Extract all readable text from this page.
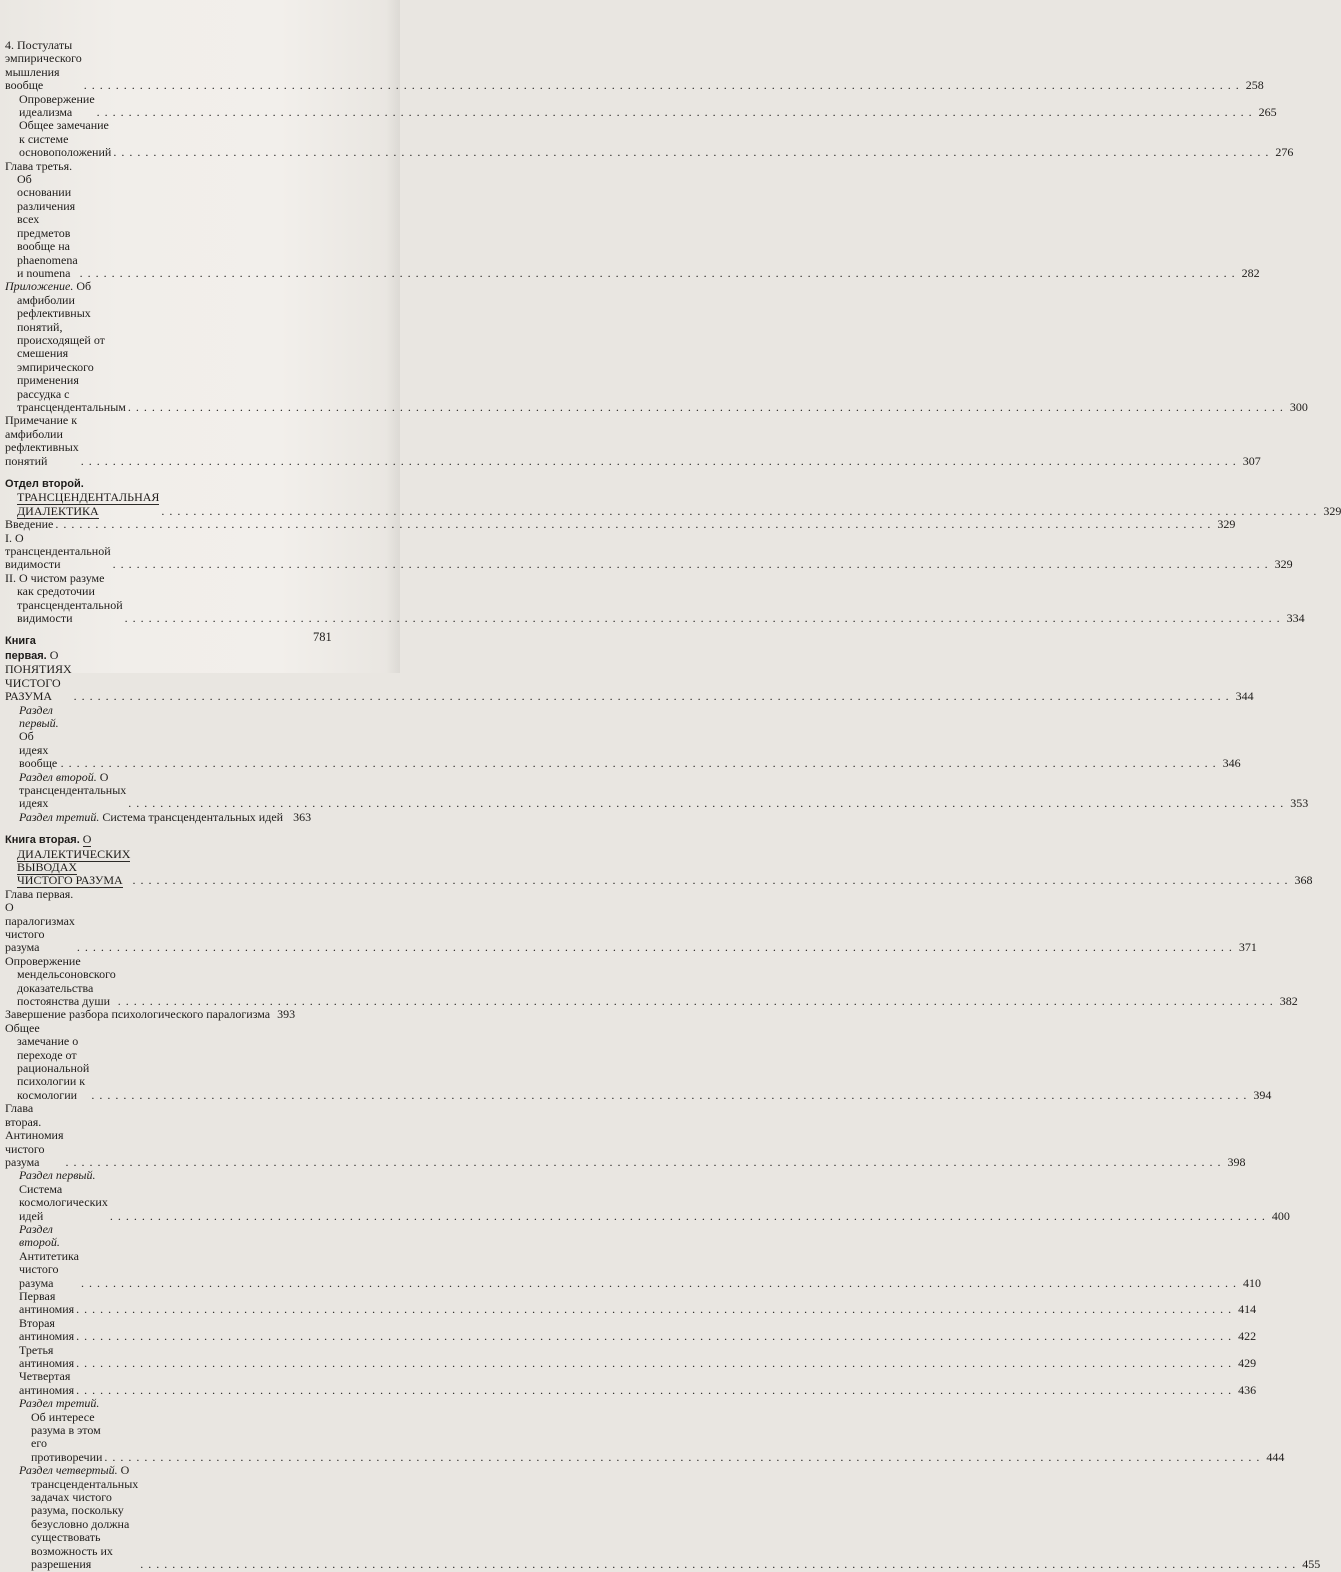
4. Постулаты эмпирического мышления вообще . . .	258
Опровержение идеализма . . .	265
Общее замечание к системе основоположений . . .	276
Глава третья. Об основании различения всех предметов вообще на phaenomena и noumena . . .	282
Приложение. Об амфиболии рефлективных понятий, происходящей от смешения эмпирического применения рассудка с трансцендентальным . . .	300
Примечание к амфиболии рефлективных понятий . . .	307
Отдел второй. ТРАНСЦЕНДЕНТАЛЬНАЯ ДИАЛЕКТИКА . . .	329
Введение . . .	329
I. О трансцендентальной видимости . . .	329
II. О чистом разуме как средоточии трансцендентальной видимости . . .	334
Книга первая. О ПОНЯТИЯХ ЧИСТОГО РАЗУМА . . .	344
Раздел первый. Об идеях вообще . . .	346
Раздел второй. О трансцендентальных идеях . . .	353
Раздел третий. Система трансцендентальных идей 363
Книга вторая. О ДИАЛЕКТИЧЕСКИХ ВЫВОДАХ ЧИСТОГО РАЗУМА . . .	368
Глава первая. О паралогизмах чистого разума . . .	371
Опровержение мендельсоновского доказательства постоянства души . . .	382
Завершение разбора психологического паралогизма 393
Общее замечание о переходе от рациональной психологии к космологии . . .	394
Глава вторая. Антиномия чистого разума . . .	398
Раздел первый. Система космологических идей . . .	400
Раздел второй. Антитетика чистого разума . . .	410
Первая антиномия . . .	414
Вторая антиномия . . .	422
Третья антиномия . . .	429
Четвертая антиномия . . .	436
Раздел третий. Об интересе разума в этом его противоречии . . .	444
Раздел четвертый. О трансцендентальных задачах чистого разума, поскольку безусловно должна существовать возможность их разрешения . . .	455
781
